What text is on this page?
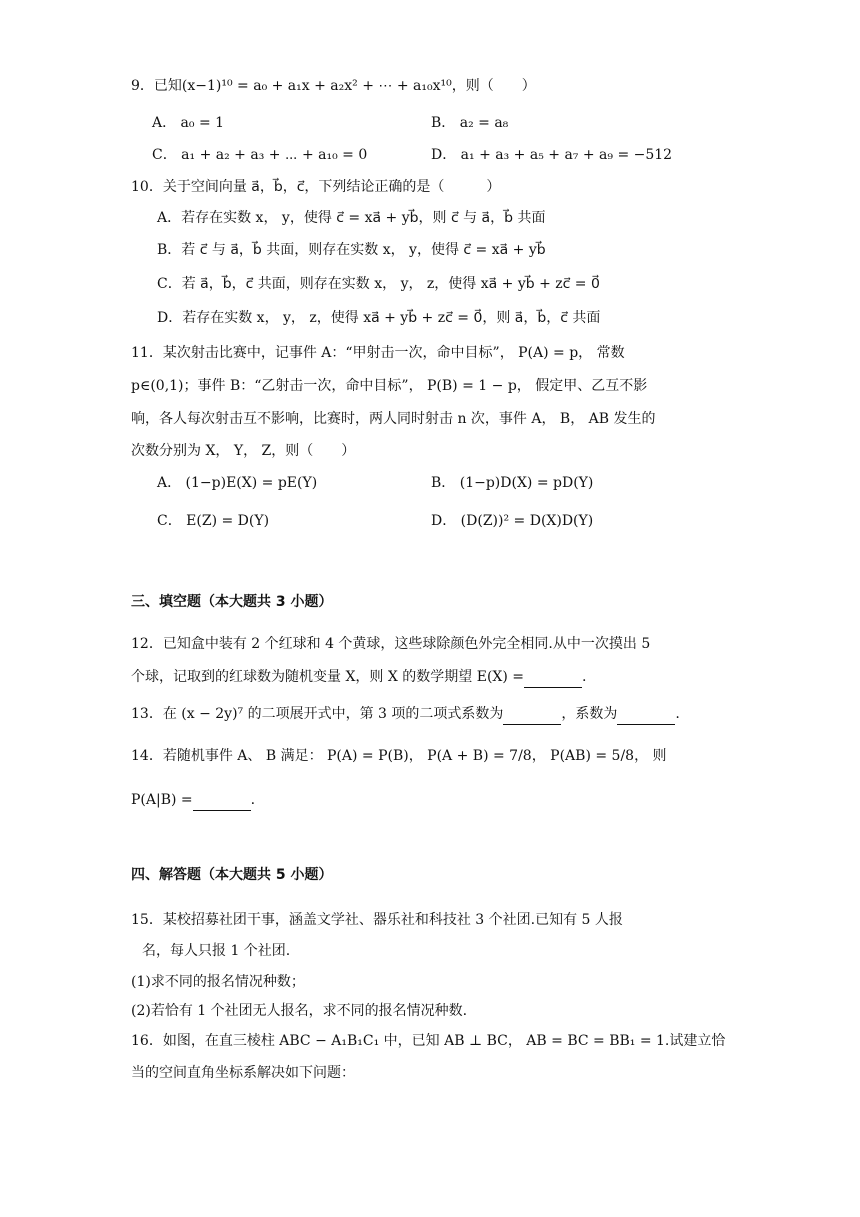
9．已知(x−1)¹⁰ = a₀ + a₁x + a₂x² + ⋯ + a₁₀x¹⁰，则（　　）
A． a₀ = 1	B． a₂ = a₈
C． a₁ + a₂ + a₃ + ⋯ + a₁₀ = 0	D． a₁ + a₃ + a₅ + a₇ + a₉ = −512
10．关于空间向量 a⃗，b⃗，c⃗，下列结论正确的是（　　　）
A．若存在实数 x， y，使得 c⃗ = xa⃗ + yb⃗，则 c⃗ 与 a⃗，b⃗ 共面
B．若 c⃗ 与 a⃗，b⃗ 共面，则存在实数 x， y，使得 c⃗ = xa⃗ + yb⃗
C．若 a⃗，b⃗，c⃗ 共面，则存在实数 x， y， z，使得 xa⃗ + yb⃗ + zc⃗ = 0⃗
D．若存在实数 x， y， z，使得 xa⃗ + yb⃗ + zc⃗ = 0⃗，则 a⃗，b⃗，c⃗ 共面
11．某次射击比赛中，记事件 A：“甲射击一次，命中目标”， P(A) = p， 常数
p∈(0,1)；事件 B：“乙射击一次，命中目标”， P(B) = 1 − p， 假定甲、乙互不影
响，各人每次射击互不影响，比赛时，两人同时射击 n 次，事件 A， B， AB 发生的
次数分别为 X， Y， Z，则（　　）
A． (1−p)E(X) = pE(Y)	B． (1−p)D(X) = pD(Y)
C． E(Z) = D(Y)	D． (D(Z))² = D(X)D(Y)
三、填空题（本大题共 3 小题）
12．已知盒中装有 2 个红球和 4 个黄球，这些球除颜色外完全相同.从中一次摸出 5
个球，记取到的红球数为随机变量 X，则 X 的数学期望 E(X) =	.
13．在 (x − 2y)⁷ 的二项展开式中，第 3 项的二项式系数为	，系数为	.
14．若随机事件 A、 B 满足： P(A) = P(B)， P(A + B) = 7/8， P(AB) = 5/8， 则
P(A|B) =	.
四、解答题（本大题共 5 小题）
15．某校招募社团干事，涵盖文学社、器乐社和科技社 3 个社团.已知有 5 人报
名，每人只报 1 个社团.
(1)求不同的报名情况种数；
(2)若恰有 1 个社团无人报名，求不同的报名情况种数.
16．如图，在直三棱柱 ABC − A₁B₁C₁ 中，已知 AB ⊥ BC， AB = BC = BB₁ = 1.试建立恰
当的空间直角坐标系解决如下问题：
